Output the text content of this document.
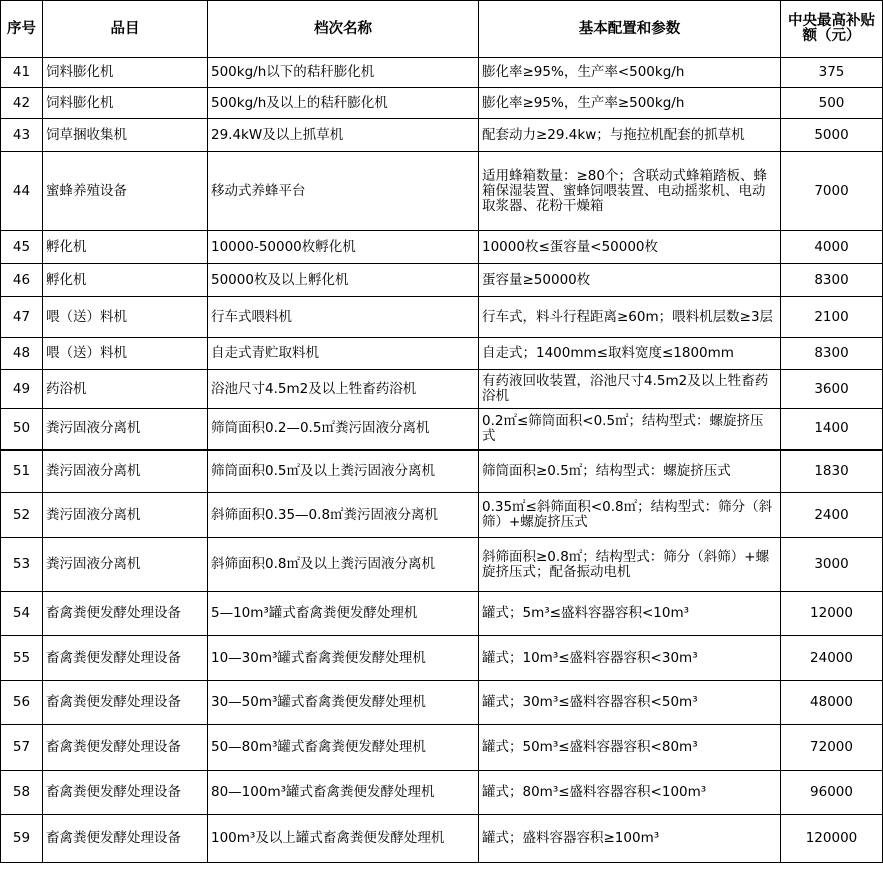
序号	品目	档次名称	基本配置和参数	中央最高补贴额（元）
41	饲料膨化机	500kg/h以下的秸秆膨化机	膨化率≥95%，生产率<500kg/h	375
42	饲料膨化机	500kg/h及以上的秸秆膨化机	膨化率≥95%，生产率≥500kg/h	500
43	饲草捆收集机	29.4kW及以上抓草机	配套动力≥29.4kw；与拖拉机配套的抓草机	5000
44	蜜蜂养殖设备	移动式养蜂平台	适用蜂箱数量：≥80个；含联动式蜂箱踏板、蜂箱保湿装置、蜜蜂饲喂装置、电动摇浆机、电动取浆器、花粉干燥箱	7000
45	孵化机	10000-50000枚孵化机	10000枚≤蛋容量<50000枚	4000
46	孵化机	50000枚及以上孵化机	蛋容量≥50000枚	8300
47	喂（送）料机	行车式喂料机	行车式，料斗行程距离≥60m；喂料机层数≥3层	2100
48	喂（送）料机	自走式青贮取料机	自走式；1400mm≤取料宽度≤1800mm	8300
49	药浴机	浴池尺寸4.5m2及以上牲畜药浴机	有药液回收装置，浴池尺寸4.5m2及以上牲畜药浴机	3600
50	粪污固液分离机	筛筒面积0.2—0.5㎡粪污固液分离机	0.2㎡≤筛筒面积<0.5㎡；结构型式：螺旋挤压式	1400
51	粪污固液分离机	筛筒面积0.5㎡及以上粪污固液分离机	筛筒面积≥0.5㎡；结构型式：螺旋挤压式	1830
52	粪污固液分离机	斜筛面积0.35—0.8㎡粪污固液分离机	0.35㎡≤斜筛面积<0.8㎡；结构型式：筛分（斜筛）+螺旋挤压式	2400
53	粪污固液分离机	斜筛面积0.8㎡及以上粪污固液分离机	斜筛面积≥0.8㎡；结构型式：筛分（斜筛）+螺旋挤压式；配备振动电机	3000
54	畜禽粪便发酵处理设备	5—10m³罐式畜禽粪便发酵处理机	罐式；5m³≤盛料容器容积<10m³	12000
55	畜禽粪便发酵处理设备	10—30m³罐式畜禽粪便发酵处理机	罐式；10m³≤盛料容器容积<30m³	24000
56	畜禽粪便发酵处理设备	30—50m³罐式畜禽粪便发酵处理机	罐式；30m³≤盛料容器容积<50m³	48000
57	畜禽粪便发酵处理设备	50—80m³罐式畜禽粪便发酵处理机	罐式；50m³≤盛料容器容积<80m³	72000
58	畜禽粪便发酵处理设备	80—100m³罐式畜禽粪便发酵处理机	罐式；80m³≤盛料容器容积<100m³	96000
59	畜禽粪便发酵处理设备	100m³及以上罐式畜禽粪便发酵处理机	罐式；盛料容器容积≥100m³	120000
